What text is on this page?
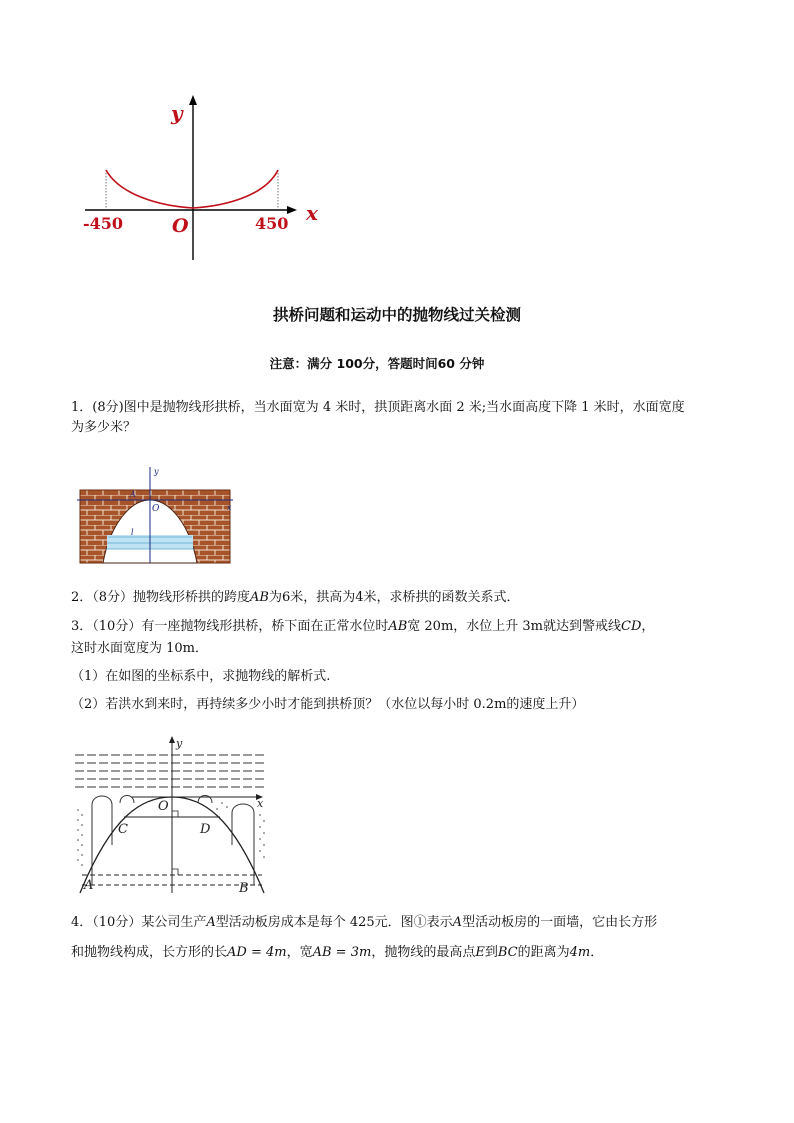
y
x
O
-450	450
拱桥问题和运动中的抛物线过关检测
注意：满分 100分，答题时间60 分钟
1．(8分)图中是抛物线形拱桥，当水面宽为 4 米时，拱顶距离水面 2 米;当水面高度下降 1 米时，水面宽度
为多少米？
y
x
O
A
l
2．（8分）抛物线形桥拱的跨度AB为6米，拱高为4米，求桥拱的函数关系式．
3．（10分）有一座抛物线形拱桥，桥下面在正常水位时AB宽 20m，水位上升 3m就达到警戒线CD，
这时水面宽度为 10m．
（1）在如图的坐标系中，求抛物线的解析式.
（2）若洪水到来时，再持续多少小时才能到拱桥顶？（水位以每小时 0.2m的速度上升）
y
x
O
C	D
A	B
4．（10分）某公司生产A型活动板房成本是每个 425元．图①表示A型活动板房的一面墙，它由长方形
和抛物线构成，长方形的长AD = 4m，宽AB = 3m，抛物线的最高点E到BC的距离为4m．
